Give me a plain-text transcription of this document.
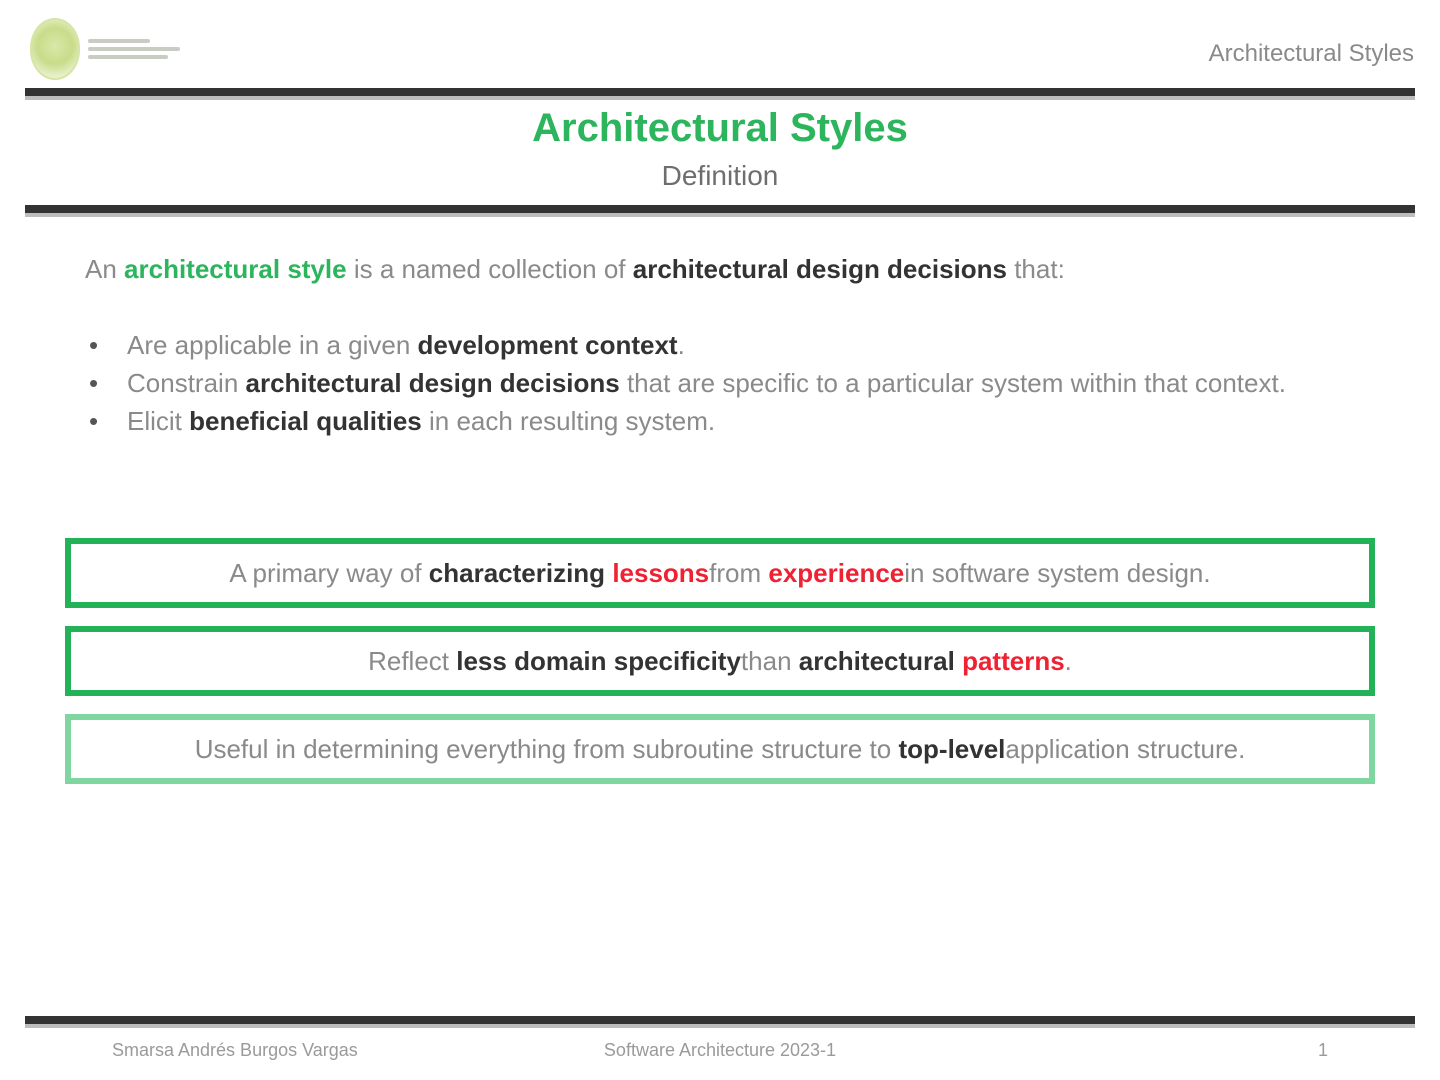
Architectural Styles
Architectural Styles
Definition
An architectural style is a named collection of architectural design decisions that:
• Are applicable in a given development context.
• Constrain architectural design decisions that are specific to a particular system within that context.
• Elicit beneficial qualities in each resulting system.
A primary way of
characterizing
lessons from
experience in software system design.
Reflect
less domain specificity than
architectural
patterns .
Useful in determining everything from subroutine structure to
top-level application structure.
Smarsa Andrés Burgos Vargas	Software Architecture 2023-1	1
